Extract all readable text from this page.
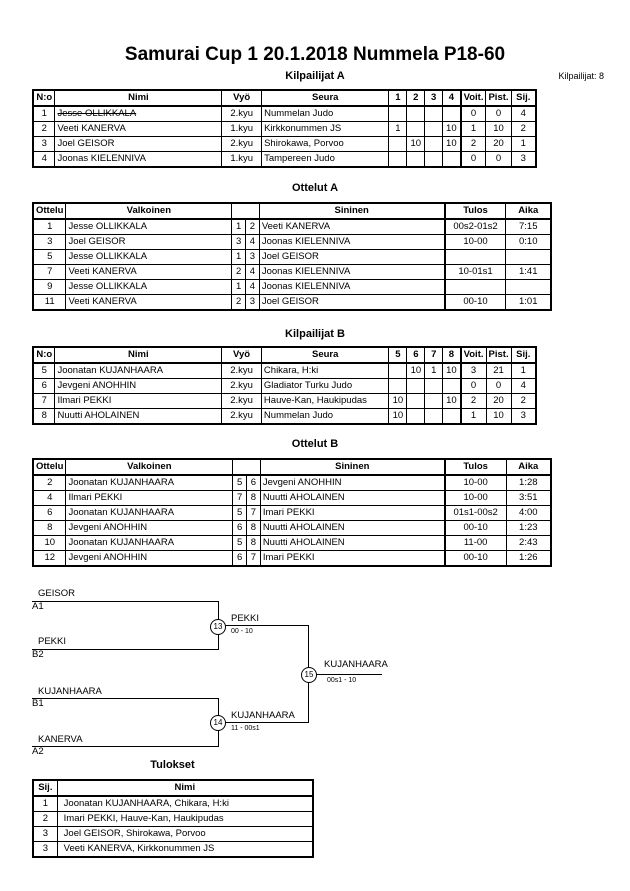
Samurai Cup 1 20.1.2018 Nummela P18-60
Kilpailijat: 8
Kilpailijat A
N:o	Nimi	Vyö	Seura	1	2	3	4	Voit.	Pist.	Sij.
1	Jesse OLLIKKALA	2.kyu	Nummelan Judo					0	0	4
2	Veeti KANERVA	1.kyu	Kirkkonummen JS	1			10	1	10	2
3	Joel GEISOR	2.kyu	Shirokawa, Porvoo		10		10	2	20	1
4	Joonas KIELENNIVA	1.kyu	Tampereen Judo					0	0	3
Ottelut A
Ottelu	Valkoinen			Sininen	Tulos	Aika
1	Jesse OLLIKKALA	1	2	Veeti KANERVA	00s2-01s2	7:15
3	Joel GEISOR	3	4	Joonas KIELENNIVA	10-00	0:10
5	Jesse OLLIKKALA	1	3	Joel GEISOR		
7	Veeti KANERVA	2	4	Joonas KIELENNIVA	10-01s1	1:41
9	Jesse OLLIKKALA	1	4	Joonas KIELENNIVA		
11	Veeti KANERVA	2	3	Joel GEISOR	00-10	1:01
Kilpailijat B
N:o	Nimi	Vyö	Seura	5	6	7	8	Voit.	Pist.	Sij.
5	Joonatan KUJANHAARA	2.kyu	Chikara, H:ki		10	1	10	3	21	1
6	Jevgeni ANOHHIN	2.kyu	Gladiator Turku Judo					0	0	4
7	Ilmari PEKKI	2.kyu	Hauve-Kan, Haukipudas	10			10	2	20	2
8	Nuutti AHOLAINEN	2.kyu	Nummelan Judo	10				1	10	3
Ottelut B
Ottelu	Valkoinen			Sininen	Tulos	Aika
2	Joonatan KUJANHAARA	5	6	Jevgeni ANOHHIN	10-00	1:28
4	Ilmari PEKKI	7	8	Nuutti AHOLAINEN	10-00	3:51
6	Joonatan KUJANHAARA	5	7	Imari PEKKI	01s1-00s2	4:00
8	Jevgeni ANOHHIN	6	8	Nuutti AHOLAINEN	00-10	1:23
10	Joonatan KUJANHAARA	5	8	Nuutti AHOLAINEN	11-00	2:43
12	Jevgeni ANOHHIN	6	7	Imari PEKKI	00-10	1:26
GEISOR
A1
PEKKI
B2
13
PEKKI
00 - 10
KUJANHAARA
B1
KANERVA
A2
14
KUJANHAARA
11 - 00s1
15
KUJANHAARA
00s1 - 10
Tulokset
Sij.	Nimi
1	Joonatan KUJANHAARA, Chikara, H:ki
2	Imari PEKKI, Hauve-Kan, Haukipudas
3	Joel GEISOR, Shirokawa, Porvoo
3	Veeti KANERVA, Kirkkonummen JS
